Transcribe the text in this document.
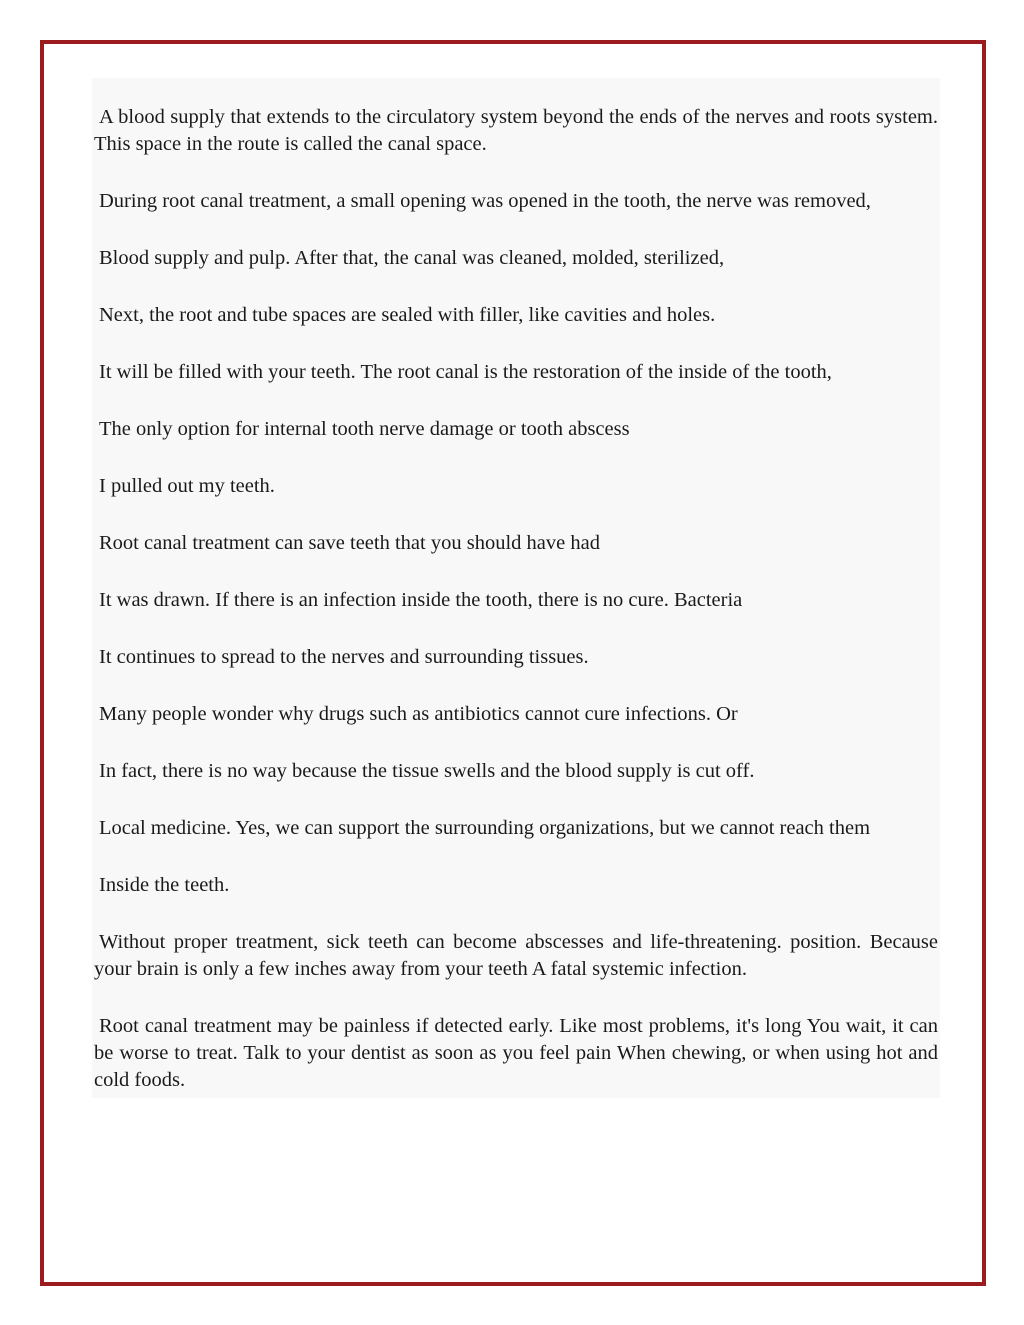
A blood supply that extends to the circulatory system beyond the ends of the nerves and roots system. This space in the route is called the canal space.

During root canal treatment, a small opening was opened in the tooth, the nerve was removed,

Blood supply and pulp. After that, the canal was cleaned, molded, sterilized,

Next, the root and tube spaces are sealed with filler, like cavities and holes.

It will be filled with your teeth. The root canal is the restoration of the inside of the tooth,

The only option for internal tooth nerve damage or tooth abscess

I pulled out my teeth.

Root canal treatment can save teeth that you should have had

It was drawn. If there is an infection inside the tooth, there is no cure. Bacteria

It continues to spread to the nerves and surrounding tissues.

Many people wonder why drugs such as antibiotics cannot cure infections. Or

In fact, there is no way because the tissue swells and the blood supply is cut off.

Local medicine. Yes, we can support the surrounding organizations, but we cannot reach them

Inside the teeth.

Without proper treatment, sick teeth can become abscesses and life-threatening. position. Because your brain is only a few inches away from your teeth A fatal systemic infection.

Root canal treatment may be painless if detected early. Like most problems, it's long You wait, it can be worse to treat. Talk to your dentist as soon as you feel pain When chewing, or when using hot and cold foods.
